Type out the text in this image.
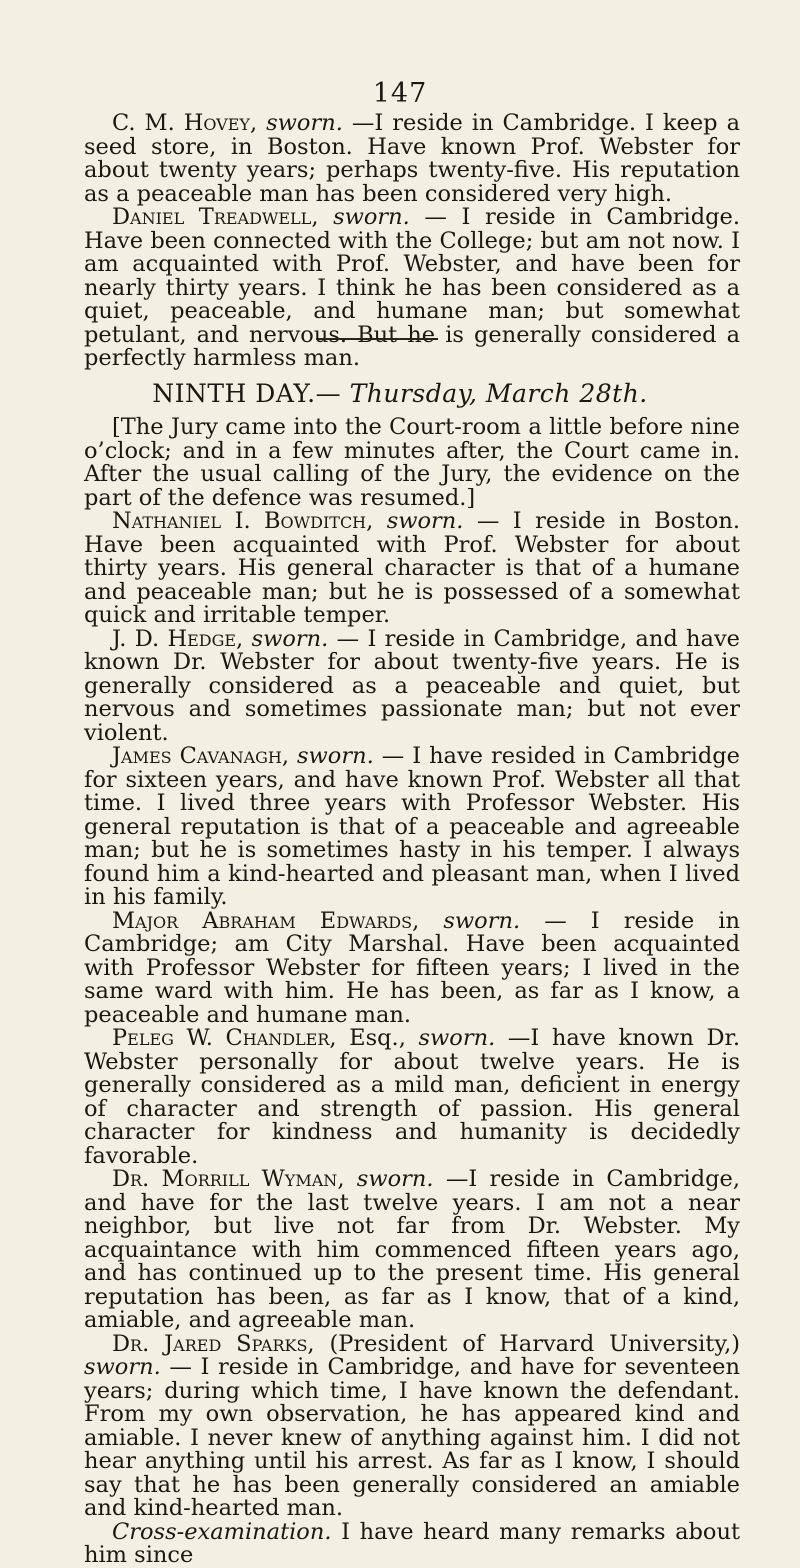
147

C. M. Hovey, sworn. —I reside in Cambridge. I keep a seed store, in Boston. Have known Prof. Webster for about twenty years; perhaps twenty-five. His reputation as a peaceable man has been considered very high.

Daniel Treadwell, sworn. — I reside in Cambridge. Have been connected with the College; but am not now. I am acquainted with Prof. Webster, and have been for nearly thirty years. I think he has been considered as a quiet, peaceable, and humane man; but somewhat petulant, and nervous. But he is generally considered a perfectly harmless man.

NINTH DAY.— Thursday, March 28th.

[The Jury came into the Court-room a little before nine o’clock; and in a few minutes after, the Court came in. After the usual calling of the Jury, the evidence on the part of the defence was resumed.]

Nathaniel I. Bowditch, sworn. — I reside in Boston. Have been acquainted with Prof. Webster for about thirty years. His general character is that of a humane and peaceable man; but he is possessed of a somewhat quick and irritable temper.

J. D. Hedge, sworn. — I reside in Cambridge, and have known Dr. Webster for about twenty-five years. He is generally considered as a peaceable and quiet, but nervous and sometimes passionate man; but not ever violent.

James Cavanagh, sworn. — I have resided in Cambridge for sixteen years, and have known Prof. Webster all that time. I lived three years with Professor Webster. His general reputation is that of a peaceable and agreeable man; but he is sometimes hasty in his temper. I always found him a kind-hearted and pleasant man, when I lived in his family.

Major Abraham Edwards, sworn. — I reside in Cambridge; am City Marshal. Have been acquainted with Professor Webster for fifteen years; I lived in the same ward with him. He has been, as far as I know, a peaceable and humane man.

Peleg W. Chandler, Esq., sworn. —I have known Dr. Webster personally for about twelve years. He is generally considered as a mild man, deficient in energy of character and strength of passion. His general character for kindness and humanity is decidedly favorable.

Dr. Morrill Wyman, sworn. —I reside in Cambridge, and have for the last twelve years. I am not a near neighbor, but live not far from Dr. Webster. My acquaintance with him commenced fifteen years ago, and has continued up to the present time. His general reputation has been, as far as I know, that of a kind, amiable, and agreeable man.

Dr. Jared Sparks, (President of Harvard University,) sworn. — I reside in Cambridge, and have for seventeen years; during which time, I have known the defendant. From my own observation, he has appeared kind and amiable. I never knew of anything against him. I did not hear anything until his arrest. As far as I know, I should say that he has been generally considered an amiable and kind-hearted man.

Cross-examination. I have heard many remarks about him since
